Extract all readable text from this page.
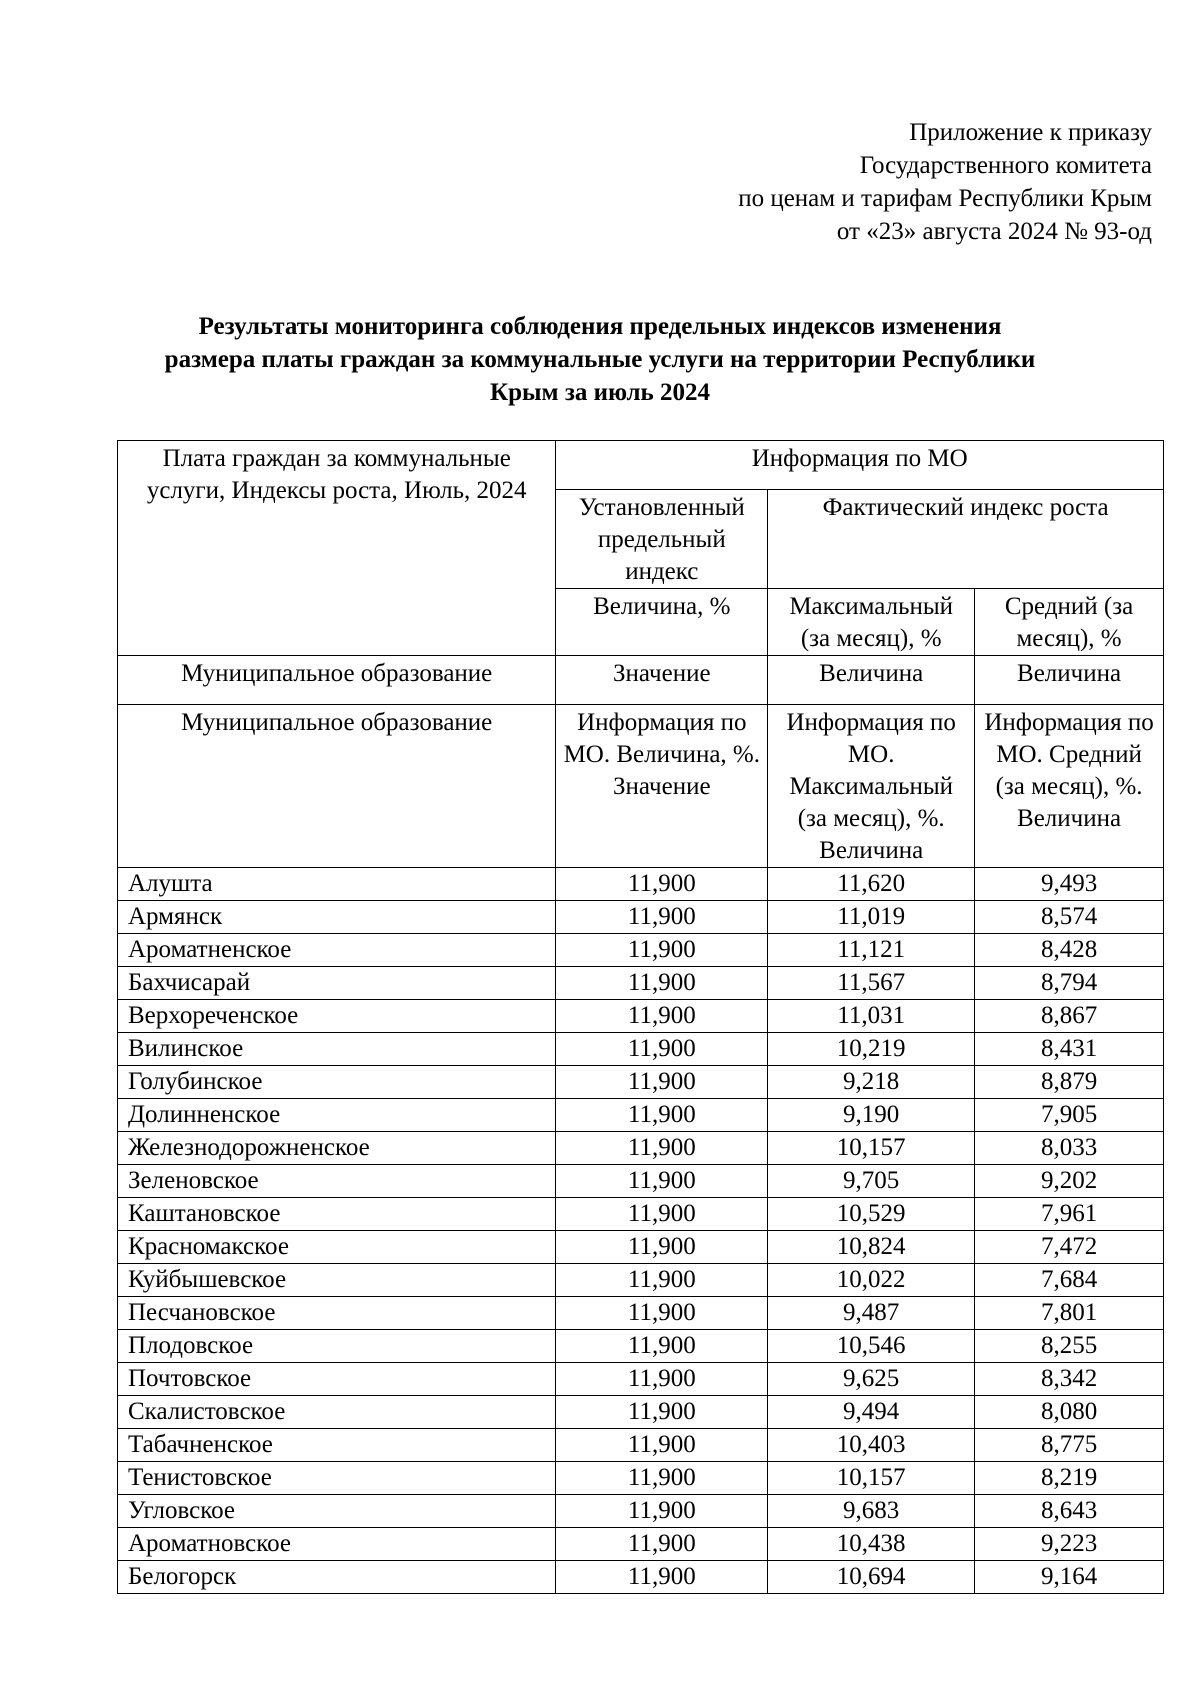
Приложение к приказу
Государственного комитета
по ценам и тарифам Республики Крым
от «23» августа 2024 № 93-од
Результаты мониторинга соблюдения предельных индексов изменения
размера платы граждан за коммунальные услуги на территории Республики
Крым за июль 2024
Плата граждан за коммунальные услуги, Индексы роста, Июль, 2024	Информация по МО		
	Установленный предельный индекс	Фактический индекс роста	
	Величина, %	Максимальный (за месяц), %	Средний (за месяц), %
Муниципальное образование	Значение	Величина	Величина
Муниципальное образование	Информация по МО. Величина, %. Значение	Информация по МО. Максимальный (за месяц), %. Величина	Информация по МО. Средний (за месяц), %. Величина
Алушта	11,900	11,620	9,493
Армянск	11,900	11,019	8,574
Ароматненское	11,900	11,121	8,428
Бахчисарай	11,900	11,567	8,794
Верхореченское	11,900	11,031	8,867
Вилинское	11,900	10,219	8,431
Голубинское	11,900	9,218	8,879
Долинненское	11,900	9,190	7,905
Железнодорожненское	11,900	10,157	8,033
Зеленовское	11,900	9,705	9,202
Каштановское	11,900	10,529	7,961
Красномакское	11,900	10,824	7,472
Куйбышевское	11,900	10,022	7,684
Песчановское	11,900	9,487	7,801
Плодовское	11,900	10,546	8,255
Почтовское	11,900	9,625	8,342
Скалистовское	11,900	9,494	8,080
Табачненское	11,900	10,403	8,775
Тенистовское	11,900	10,157	8,219
Угловское	11,900	9,683	8,643
Ароматновское	11,900	10,438	9,223
Белогорск	11,900	10,694	9,164
